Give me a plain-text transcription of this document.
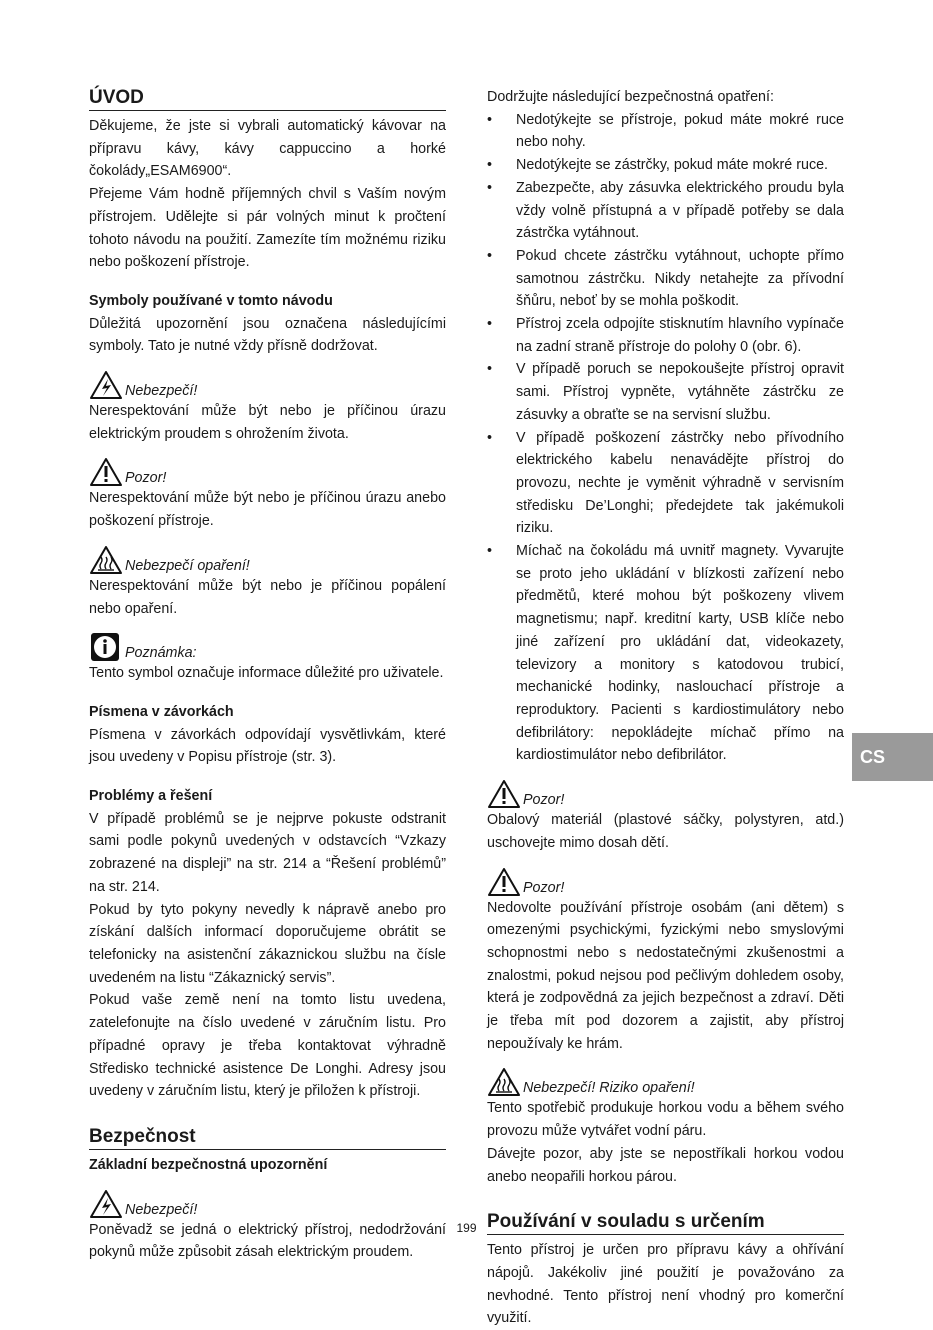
ÚVOD

Děkujeme, že jste si vybrali automatický kávovar na přípravu kávy, kávy cappuccino a horké čokolády„ESAM6900“.

Přejeme Vám hodně příjemných chvil s Vaším novým přístrojem. Udělejte si pár volných minut k pročtení tohoto návodu na použití. Zamezíte tím možnému riziku nebo poškození přístroje.

Symboly používané v tomto návodu

Důležitá upozornění jsou označena následujícími symboly. Tato je nutné vždy přísně dodržovat.

Nebezpečí!

Nerespektování může být nebo je příčinou úrazu elektrickým proudem s ohrožením života.

Pozor!

Nerespektování může být nebo je příčinou úrazu anebo poškození přístroje.

Nebezpečí opaření!

Nerespektování může být nebo je příčinou popálení nebo opaření.

Poznámka:

Tento symbol označuje informace důležité pro uživatele.

Písmena v závorkách

Písmena v závorkách odpovídají vysvětlivkám, které jsou uvedeny v Popisu přístroje (str. 3).

Problémy a řešení

V případě problémů se je nejprve pokuste odstranit sami podle pokynů uvedených v odstavcích “Vzkazy zobrazené na displeji” na str. 214 a “Řešení problémů” na str. 214.

Pokud by tyto pokyny nevedly k nápravě anebo pro získání dalších informací doporučujeme obrátit se telefonicky na asistenční zákaznickou službu na čísle uvedeném na listu “Zákaznický servis”.

Pokud vaše země není na tomto listu uvedena, zatelefonujte na číslo uvedené v záručním listu. Pro případné opravy je třeba kontaktovat výhradně Středisko technické asistence De Longhi. Adresy jsou uvedeny v záručním listu, který je přiložen k přístroji.

Bezpečnost
Základní bezpečnostná upozornění
Nebezpečí!

Poněvadž se jedná o elektrický přístroj, nedodržování pokynů může způsobit zásah elektrickým proudem.

Dodržujte následující bezpečnostná opatření:

• Nedotýkejte se přístroje, pokud máte mokré ruce nebo nohy.
• Nedotýkejte se zástrčky, pokud máte mokré ruce.
• Zabezpečte, aby zásuvka elektrického proudu byla vždy volně přístupná a v případě potřeby se dala zástrčka vytáhnout.
• Pokud chcete zástrčku vytáhnout, uchopte přímo samotnou zástrčku. Nikdy netahejte za přívodní šňůru, neboť by se mohla poškodit.
• Přístroj zcela odpojíte stisknutím hlavního vypínače na zadní straně přístroje do polohy 0 (obr. 6).
• V případě poruch se nepokoušejte přístroj opravit sami. Přístroj vypněte, vytáhněte zástrčku ze zásuvky a obraťte se na servisní službu.
• V případě poškození zástrčky nebo přívodního elektrického kabelu nenavádějte přístroj do provozu, nechte je vyměnit výhradně v servisním středisku De’Longhi; předejdete tak jakémukoli riziku.
• Míchač na čokoládu má uvnitř magnety. Vyvarujte se proto jeho ukládání v blízkosti zařízení nebo předmětů, které mohou být poškozeny vlivem magnetismu; např. kreditní karty, USB klíče nebo jiné zařízení pro ukládání dat, videokazety, televizory a monitory s katodovou trubicí, mechanické hodinky, naslouchací přístroje a reproduktory. Pacienti s kardiostimulátory nebo defibrilátory: nepokládejte míchač přímo na kardiostimulátor nebo defibrilátor.
Pozor!

Obalový materiál (plastové sáčky, polystyren, atd.) uschovejte mimo dosah dětí.

Pozor!

Nedovolte používání přístroje osobám (ani dětem) s omezenými psychickými, fyzickými nebo smyslovými schopnostmi nebo s nedostatečnými zkušenostmi a znalostmi, pokud nejsou pod pečlivým dohledem osoby, která je zodpovědná za jejich bezpečnost a zdraví. Děti je třeba mít pod dozorem a zajistit, aby přístroj nepoužívaly ke hrám.

Nebezpečí! Riziko opaření!

Tento spotřebič produkuje horkou vodu a během svého provozu může vytvářet vodní páru.

Dávejte pozor, aby jste se nepostříkali horkou vodou anebo neopařili horkou párou.

Používání v souladu s určením

Tento přístroj je určen pro přípravu kávy a ohřívání nápojů. Jakékoliv jiné použití je považováno za nevhodné. Tento přístroj není vhodný pro komerční využití.

CS
199
